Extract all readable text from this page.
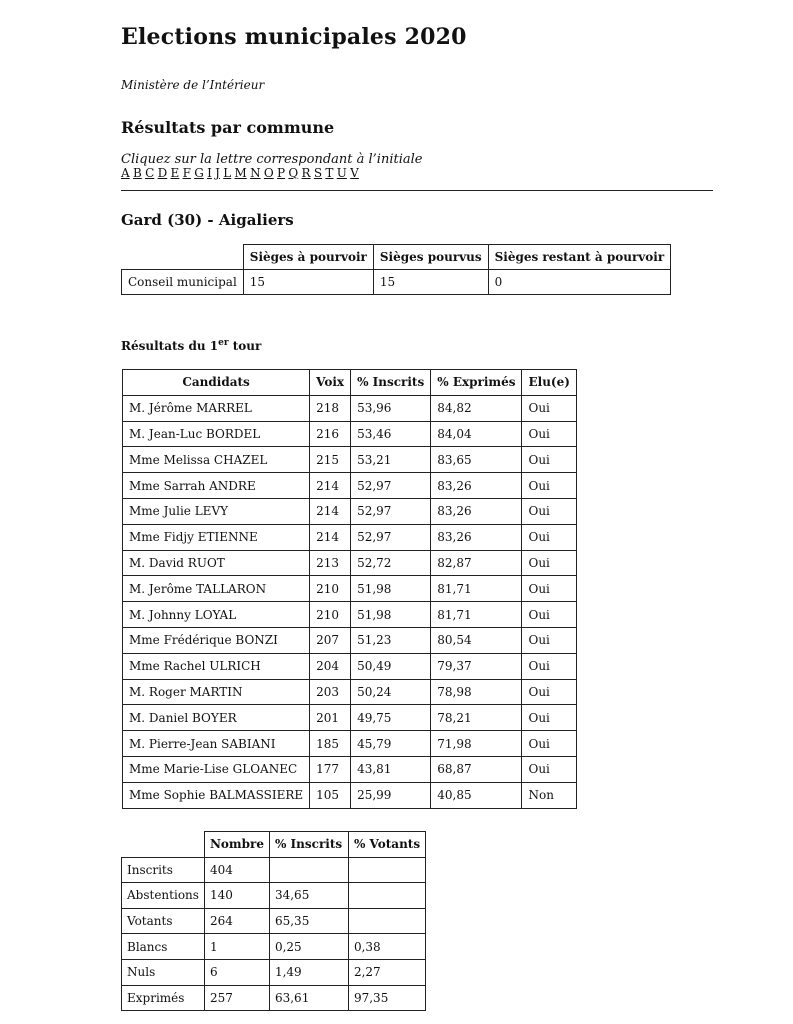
Elections municipales 2020
Ministère de l’Intérieur
Résultats par commune
Cliquez sur la lettre correspondant à l’initiale
A B C D E F G I J L M N O P Q R S T U V
Gard (30) - Aigaliers
	Sièges à pourvoir	Sièges pourvus	Sièges restant à pourvoir
Conseil municipal	15	15	0
Résultats du 1er tour
Candidats	Voix	% Inscrits	% Exprimés	Elu(e)
M. Jérôme MARREL	218	53,96	84,82	Oui
M. Jean-Luc BORDEL	216	53,46	84,04	Oui
Mme Melissa CHAZEL	215	53,21	83,65	Oui
Mme Sarrah ANDRE	214	52,97	83,26	Oui
Mme Julie LEVY	214	52,97	83,26	Oui
Mme Fidjy ETIENNE	214	52,97	83,26	Oui
M. David RUOT	213	52,72	82,87	Oui
M. Jerôme TALLARON	210	51,98	81,71	Oui
M. Johnny LOYAL	210	51,98	81,71	Oui
Mme Frédérique BONZI	207	51,23	80,54	Oui
Mme Rachel ULRICH	204	50,49	79,37	Oui
M. Roger MARTIN	203	50,24	78,98	Oui
M. Daniel BOYER	201	49,75	78,21	Oui
M. Pierre-Jean SABIANI	185	45,79	71,98	Oui
Mme Marie-Lise GLOANEC	177	43,81	68,87	Oui
Mme Sophie BALMASSIERE	105	25,99	40,85	Non
	Nombre	% Inscrits	% Votants
Inscrits	404		
Abstentions	140	34,65	
Votants	264	65,35	
Blancs	1	0,25	0,38
Nuls	6	1,49	2,27
Exprimés	257	63,61	97,35
